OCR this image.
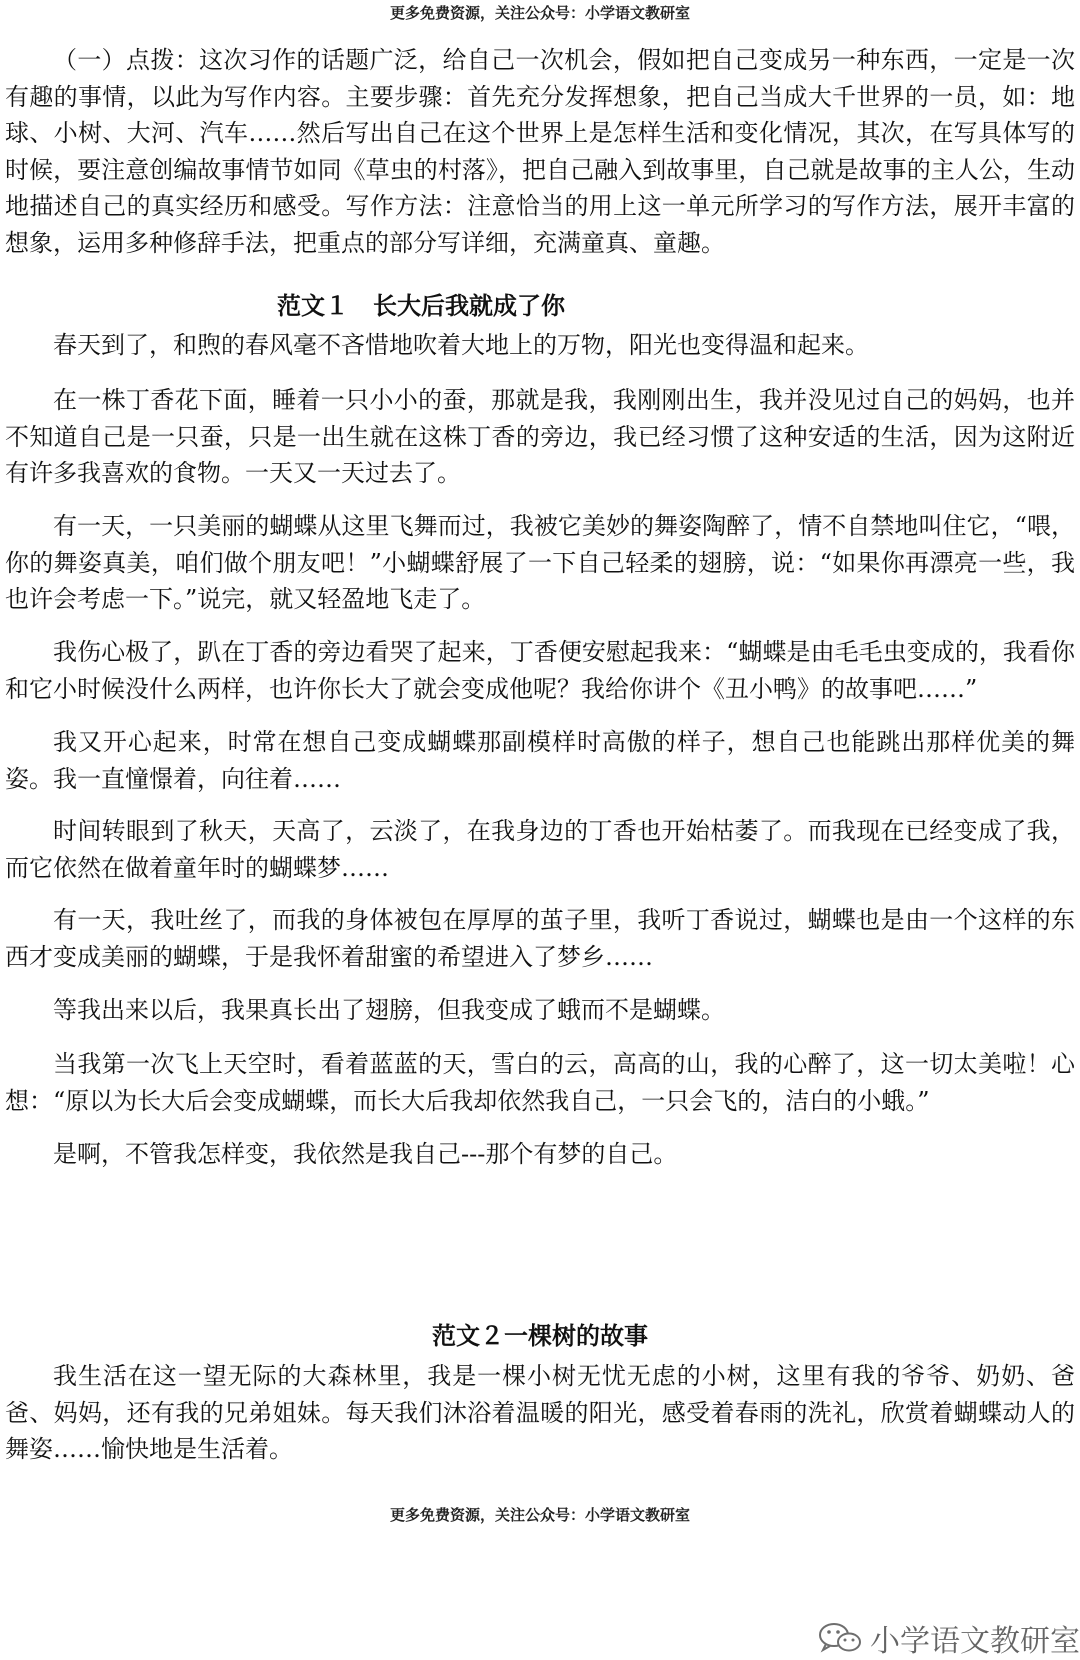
更多免费资源，关注公众号：小学语文教研室

（一）点拨：这次习作的话题广泛，给自己一次机会，假如把自己变成另一种东西，一定是一次有趣的事情，以此为写作内容。主要步骤：首先充分发挥想象，把自己当成大千世界的一员，如：地球、小树、大河、汽车……然后写出自己在这个世界上是怎样生活和变化情况，其次，在写具体写的时候，要注意创编故事情节如同《草虫的村落》，把自己融入到故事里，自己就是故事的主人公，生动地描述自己的真实经历和感受。写作方法：注意恰当的用上这一单元所学习的写作方法，展开丰富的想象，运用多种修辞手法，把重点的部分写详细，充满童真、童趣。

范文１　长大后我就成了你

春天到了，和煦的春风毫不吝惜地吹着大地上的万物，阳光也变得温和起来。

在一株丁香花下面，睡着一只小小的蚕，那就是我，我刚刚出生，我并没见过自己的妈妈，也并不知道自己是一只蚕，只是一出生就在这株丁香的旁边，我已经习惯了这种安适的生活，因为这附近有许多我喜欢的食物。一天又一天过去了。

有一天，一只美丽的蝴蝶从这里飞舞而过，我被它美妙的舞姿陶醉了，情不自禁地叫住它，“喂，你的舞姿真美，咱们做个朋友吧！”小蝴蝶舒展了一下自己轻柔的翅膀，说：“如果你再漂亮一些，我也许会考虑一下。”说完，就又轻盈地飞走了。

我伤心极了，趴在丁香的旁边看哭了起来，丁香便安慰起我来：“蝴蝶是由毛毛虫变成的，我看你和它小时候没什么两样，也许你长大了就会变成他呢？我给你讲个《丑小鸭》的故事吧……”

我又开心起来，时常在想自己变成蝴蝶那副模样时高傲的样子，想自己也能跳出那样优美的舞姿。我一直憧憬着，向往着……

时间转眼到了秋天，天高了，云淡了，在我身边的丁香也开始枯萎了。而我现在已经变成了我，而它依然在做着童年时的蝴蝶梦……

有一天，我吐丝了，而我的身体被包在厚厚的茧子里，我听丁香说过，蝴蝶也是由一个这样的东西才变成美丽的蝴蝶，于是我怀着甜蜜的希望进入了梦乡……

等我出来以后，我果真长出了翅膀，但我变成了蛾而不是蝴蝶。

当我第一次飞上天空时，看着蓝蓝的天，雪白的云，高高的山，我的心醉了，这一切太美啦！心想：“原以为长大后会变成蝴蝶，而长大后我却依然我自己，一只会飞的，洁白的小蛾。”

是啊，不管我怎样变，我依然是我自己---那个有梦的自己。

范文２一棵树的故事

我生活在这一望无际的大森林里，我是一棵小树无忧无虑的小树，这里有我的爷爷、奶奶、爸爸、妈妈，还有我的兄弟姐妹。每天我们沐浴着温暖的阳光，感受着春雨的洗礼，欣赏着蝴蝶动人的舞姿……愉快地是生活着。

更多免费资源，关注公众号：小学语文教研室
小学语文教研室
